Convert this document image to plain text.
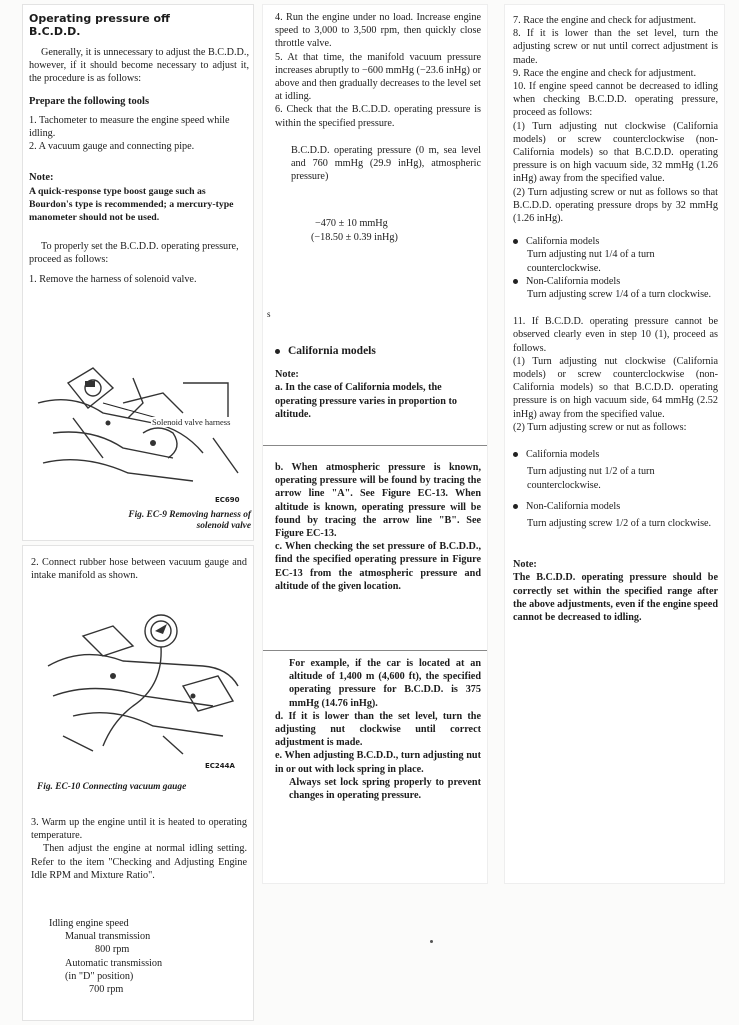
Operating pressure off
B.C.D.D.

Generally, it is unnecessary to adjust the B.C.D.D., however, if it should become necessary to adjust it, the procedure is as follows:

Prepare the following tools

1. Tachometer to measure the engine speed while idling.

2. A vacuum gauge and connecting pipe.

Note:

A quick-response type boost gauge such as Bourdon's type is recommended; a mercury-type manometer should not be used.

To properly set the B.C.D.D. operating pressure, proceed as follows:

1. Remove the harness of solenoid valve.

Solenoid valve harness
EC690
Fig. EC-9 Removing harness of
solenoid valve

2. Connect rubber hose between vacuum gauge and intake manifold as shown.

EC244A
Fig. EC-10 Connecting vacuum gauge

3. Warm up the engine until it is heated to operating temperature.

Then adjust the engine at normal idling setting. Refer to the item "Checking and Adjusting Engine Idle RPM and Mixture Ratio".

Idling engine speed

Manual transmission

800 rpm

Automatic transmission

(in "D" position)

700 rpm

4. Run the engine under no load. Increase engine speed to 3,000 to 3,500 rpm, then quickly close throttle valve.

5. At that time, the manifold vacuum pressure increases abruptly to −600 mmHg (−23.6 inHg) or above and then gradually decreases to the level set at idling.

6. Check that the B.C.D.D. operating pressure is within the specified pressure.

B.C.D.D. operating pressure (0 m, sea level and 760 mmHg (29.9 inHg), atmospheric pressure)

−470 ± 10 mmHg

(−18.50 ± 0.39 inHg)

s

California models

Note:

a. In the case of California models, the operating pressure varies in proportion to altitude.

b. When atmospheric pressure is known, operating pressure will be found by tracing the arrow line "A". See Figure EC-13. When altitude is known, operating pressure will be found by tracing the arrow line "B". See Figure EC-13.

c. When checking the set pressure of B.C.D.D., find the specified operating pressure in Figure EC-13 from the atmospheric pressure and altitude of the given location.

For example, if the car is located at an altitude of 1,400 m (4,600 ft), the specified operating pressure for B.C.D.D. is 375 mmHg (14.76 inHg).

d. If it is lower than the set level, turn the adjusting nut clockwise until correct adjustment is made.

e. When adjusting B.C.D.D., turn adjusting nut in or out with lock spring in place.

Always set lock spring properly to prevent changes in operating pressure.

7. Race the engine and check for adjustment.

8. If it is lower than the set level, turn the adjusting screw or nut until correct adjustment is made.

9. Race the engine and check for adjustment.

10. If engine speed cannot be decreased to idling when checking B.C.D.D. operating pressure, proceed as follows:

(1) Turn adjusting nut clockwise (California models) or screw counterclockwise (non-California models) so that B.C.D.D. operating pressure is on high vacuum side, 32 mmHg (1.26 inHg) away from the specified value.

(2) Turn adjusting screw or nut as follows so that B.C.D.D. operating pressure drops by 32 mmHg (1.26 inHg).

California models

Turn adjusting nut 1/4 of a turn counterclockwise.

Non-California models

Turn adjusting screw 1/4 of a turn clockwise.

11. If B.C.D.D. operating pressure cannot be observed clearly even in step 10 (1), proceed as follows.

(1) Turn adjusting nut clockwise (California models) or screw counterclockwise (non-California models) so that B.C.D.D. operating pressure is on high vacuum side, 64 mmHg (2.52 inHg) away from the specified value.

(2) Turn adjusting screw or nut as follows:

California models

Turn adjusting nut 1/2 of a turn counterclockwise.

Non-California models

Turn adjusting screw 1/2 of a turn clockwise.

Note:

The B.C.D.D. operating pressure should be correctly set within the specified range after the above adjustments, even if the engine speed cannot be decreased to idling.
